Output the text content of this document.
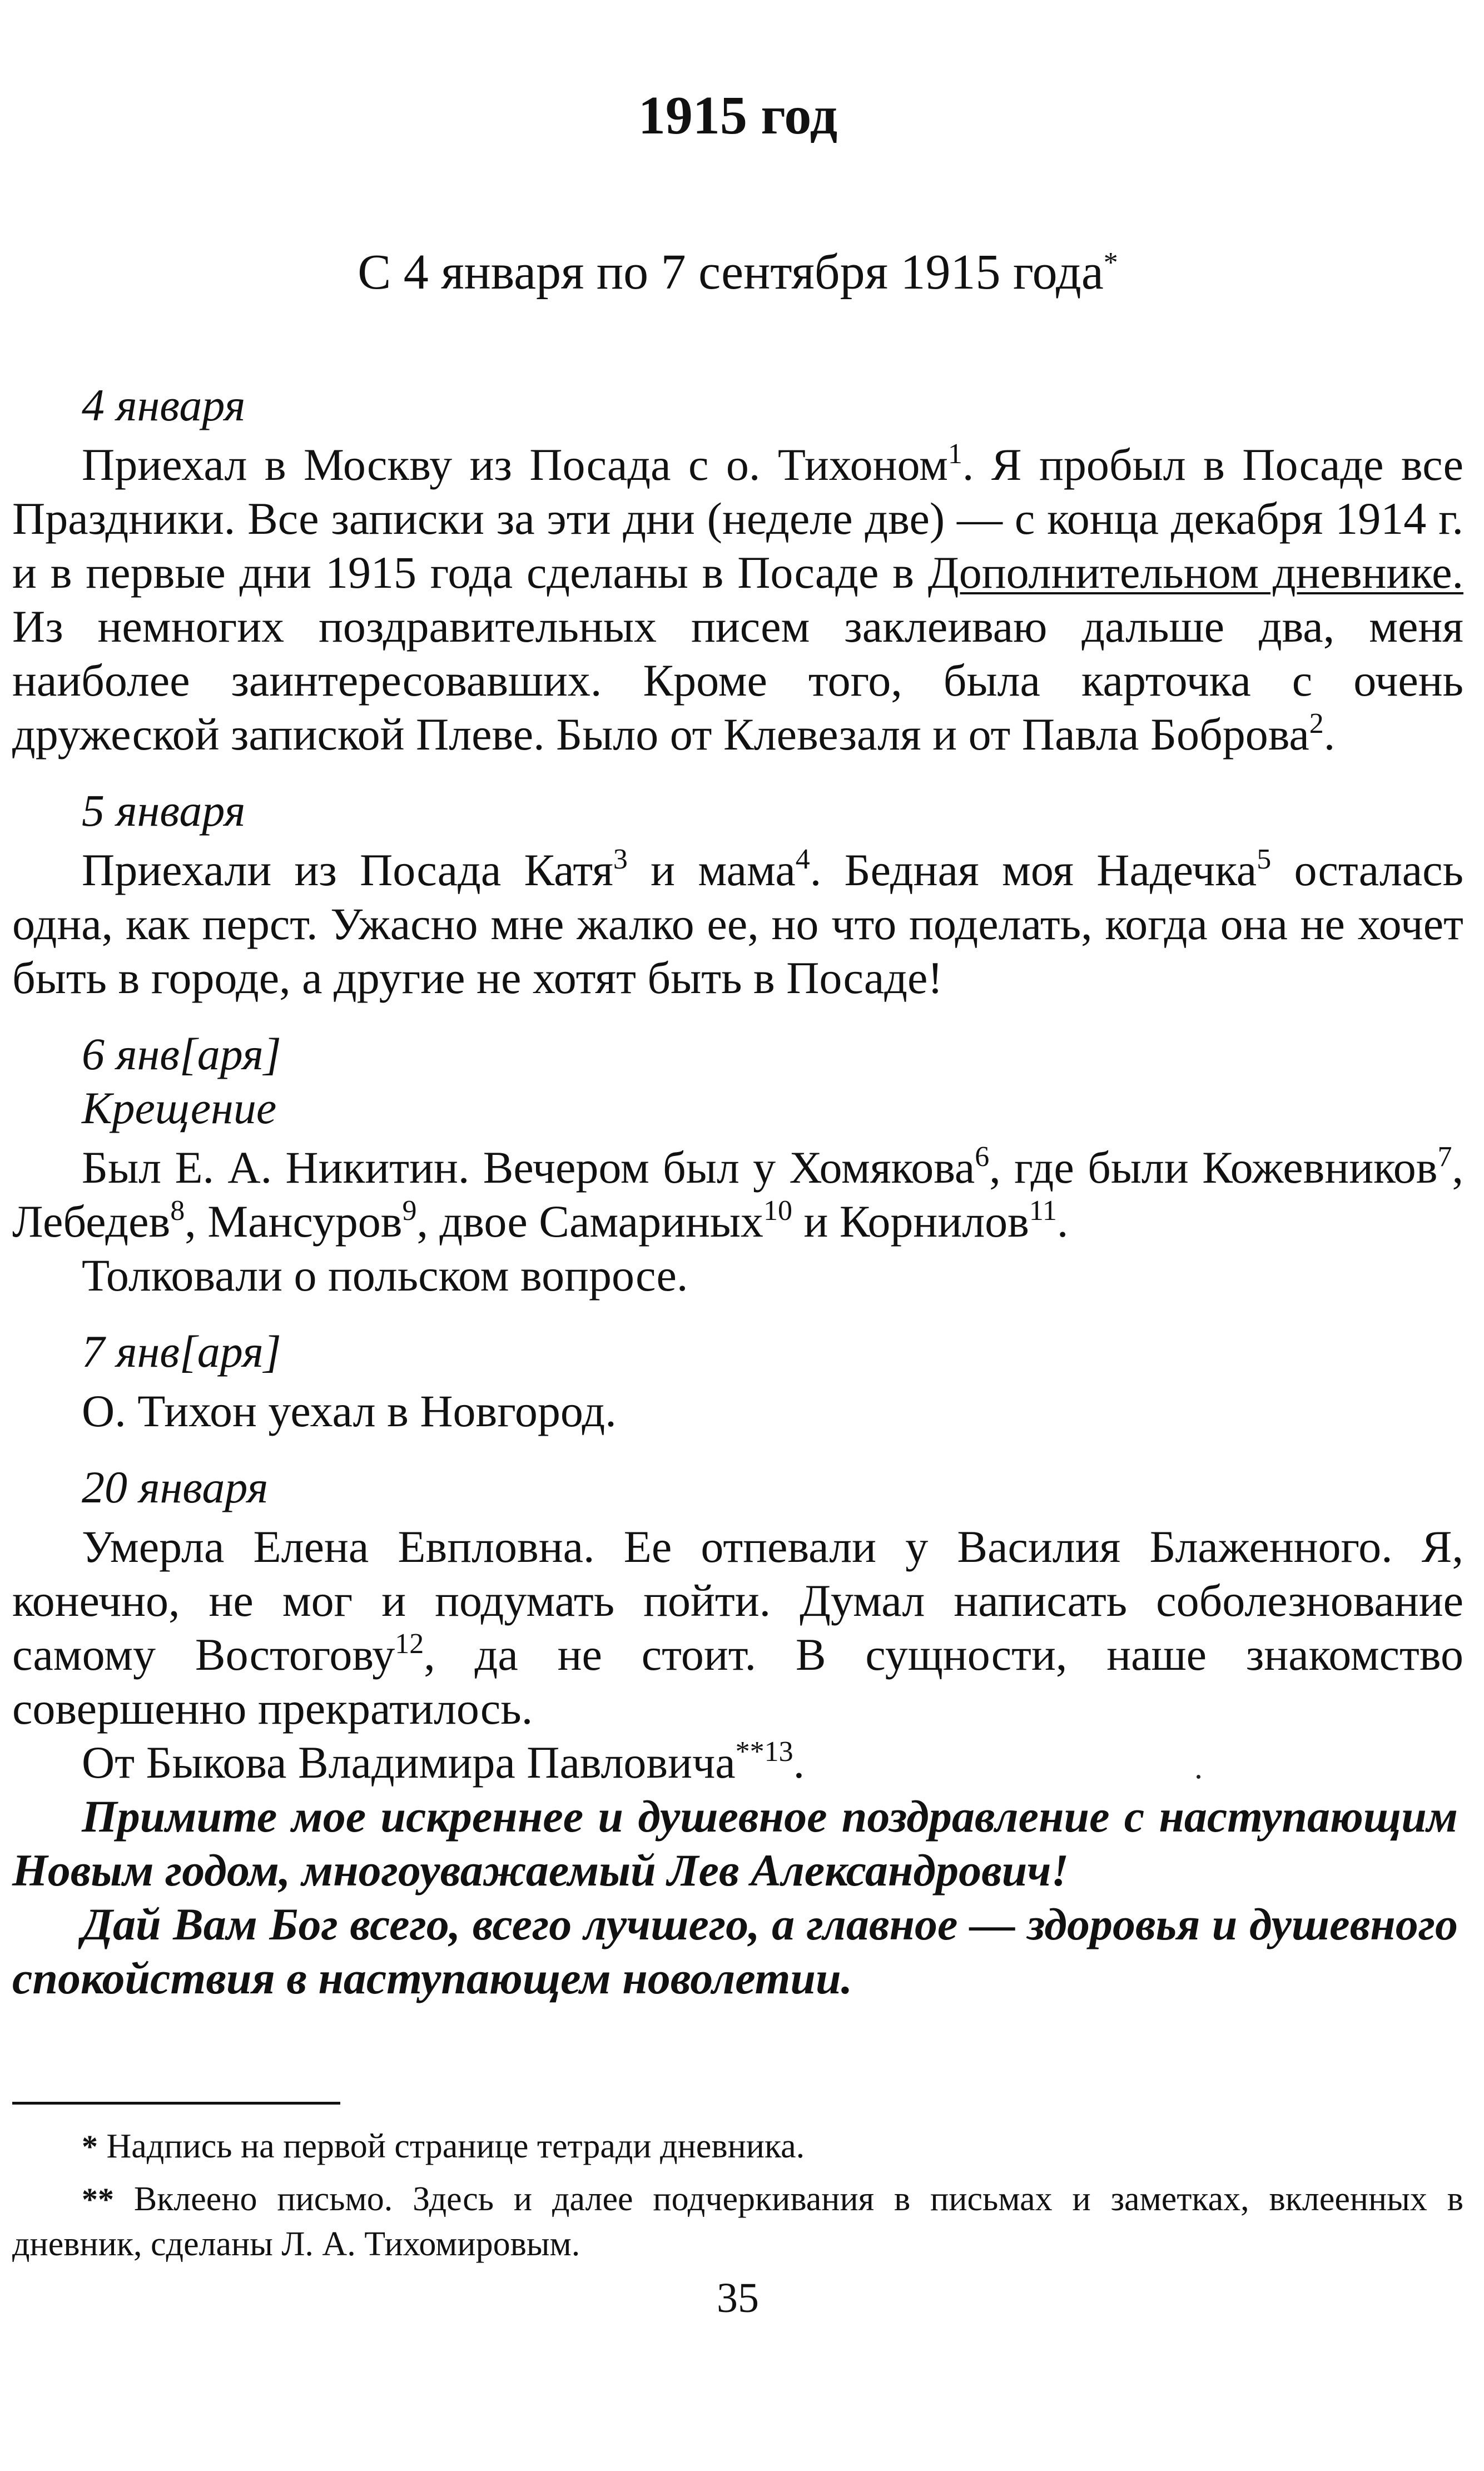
1915 год
С 4 января по 7 сентября 1915 года*
4 января

Приехал в Москву из Посада с о. Тихоном$^1$. Я пробыл в Посаде все Праздники. Все записки за эти дни (неделе две) — с конца декабря 1914 г. и в первые дни 1915 года сделаны в Посаде в Дополнительном дневнике. Из немногих поздравительных писем заклеиваю дальше два, меня наиболее заинтересовавших. Кроме того, была карточка с очень дружеской запиской Плеве. Было от Клевезаля и от Павла Боброва$^2$.

5 января

Приехали из Посада Катя$^3$ и мама$^4$. Бедная моя Надечка$^5$ осталась одна, как перст. Ужасно мне жалко ее, но что поделать, когда она не хочет быть в городе, а другие не хотят быть в Посаде!

6 янв[аря]
Крещение

Был Е. А. Никитин. Вечером был у Хомякова$^6$, где были Кожевников$^7$, Лебедев$^8$, Мансуров$^9$, двое Самариных$^{10}$ и Корнилов$^{11}$.

Толковали о польском вопросе.

7 янв[аря]

О. Тихон уехал в Новгород.

20 января

Умерла Елена Евпловна. Ее отпевали у Василия Блаженного. Я, конечно, не мог и подумать пойти. Думал написать соболезнование самому Востогову$^{12}$, да не стоит. В сущности, наше знакомство совершенно прекратилось.

От Быкова Владимира Павловича$^{**13}$.

Примите мое искреннее и душевное поздравление с наступающим Новым годом, многоуважаемый Лев Александрович!

Дай Вам Бог всего, всего лучшего, а главное — здоровья и душевного спокойствия в наступающем новолетии.

* Надпись на первой странице тетради дневника.

** Вклеено письмо. Здесь и далее подчеркивания в письмах и заметках, вклеенных в дневник, сделаны Л. А. Тихомировым.

35
